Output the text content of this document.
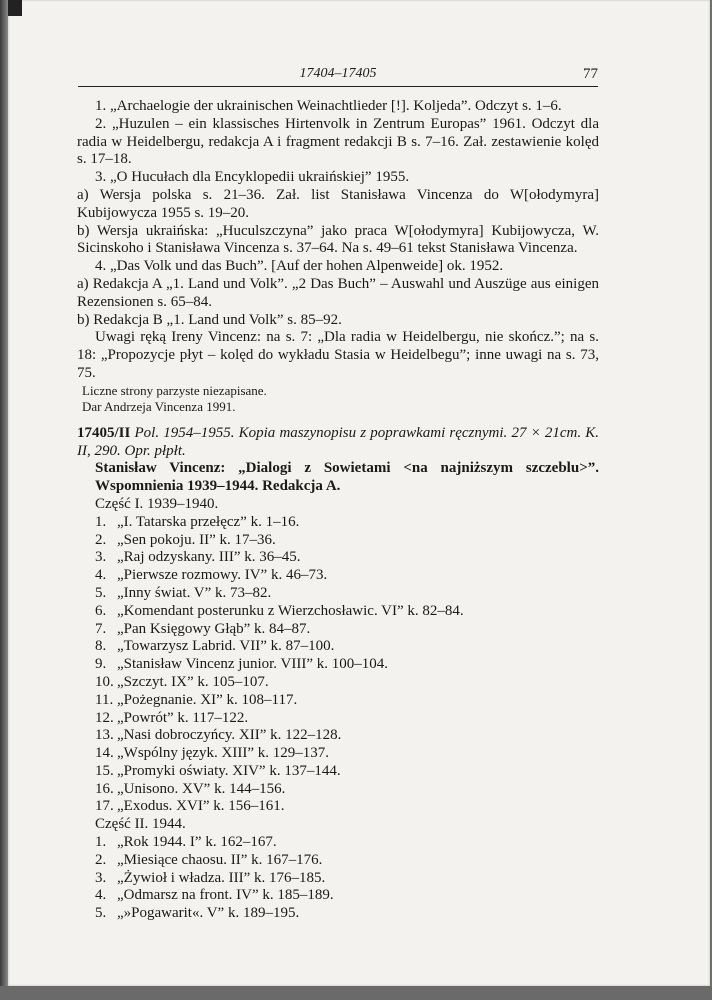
17404–17405	77

1. „Archaelogie der ukrainischen Weinachtlieder [!]. Koljeda”. Odczyt s. 1–6.

2. „Huzulen – ein klassisches Hirtenvolk in Zentrum Europas” 1961. Odczyt dla radia w Heidelbergu, redakcja A i fragment redakcji B s. 7–16. Zał. zestawienie kolęd s. 17–18.

3. „O Hucułach dla Encyklopedii ukraińskiej” 1955.

a) Wersja polska s. 21–36. Zał. list Stanisława Vincenza do W[ołodymyra] Kubijowycza 1955 s. 19–20.

b) Wersja ukraińska: „Huculszczyna” jako praca W[ołodymyra] Kubijowycza, W. Sicinskoho i Stanisława Vincenza s. 37–64. Na s. 49–61 tekst Stanisława Vincenza.

4. „Das Volk und das Buch”. [Auf der hohen Alpenweide] ok. 1952.

a) Redakcja A „1. Land und Volk”. „2 Das Buch” – Auswahl und Auszüge aus einigen Rezensionen s. 65–84.

b) Redakcja B „1. Land und Volk” s. 85–92.

Uwagi ręką Ireny Vincenz: na s. 7: „Dla radia w Heidelbergu, nie skończ.”; na s. 18: „Propozycje płyt – kolęd do wykładu Stasia w Heidelbegu”; inne uwagi na s. 73, 75.

Liczne strony parzyste niezapisane.
Dar Andrzeja Vincenza 1991.

17405/II Pol. 1954–1955. Kopia maszynopisu z poprawkami ręcznymi. 27 × 21cm. K. II, 290. Opr. płpłt.

Stanisław Vincenz: „Dialogi z Sowietami <na najniższym szczeblu>”. Wspomnienia 1939–1944. Redakcja A.

Część I. 1939–1940.
1. „I. Tatarska przełęcz” k. 1–16.
2. „Sen pokoju. II” k. 17–36.
3. „Raj odzyskany. III” k. 36–45.
4. „Pierwsze rozmowy. IV” k. 46–73.
5. „Inny świat. V” k. 73–82.
6. „Komendant posterunku z Wierzchosławic. VI” k. 82–84.
7. „Pan Księgowy Głąb” k. 84–87.
8. „Towarzysz Labrid. VII” k. 87–100.
9. „Stanisław Vincenz junior. VIII” k. 100–104.
10. „Szczyt. IX” k. 105–107.
11. „Pożegnanie. XI” k. 108–117.
12. „Powrót” k. 117–122.
13. „Nasi dobroczyńcy. XII” k. 122–128.
14. „Wspólny język. XIII” k. 129–137.
15. „Promyki oświaty. XIV” k. 137–144.
16. „Unisono. XV” k. 144–156.
17. „Exodus. XVI” k. 156–161.
Część II. 1944.
1. „Rok 1944. I” k. 162–167.
2. „Miesiące chaosu. II” k. 167–176.
3. „Żywioł i władza. III” k. 176–185.
4. „Odmarsz na front. IV” k. 185–189.
5. „»Pogawarit«. V” k. 189–195.
